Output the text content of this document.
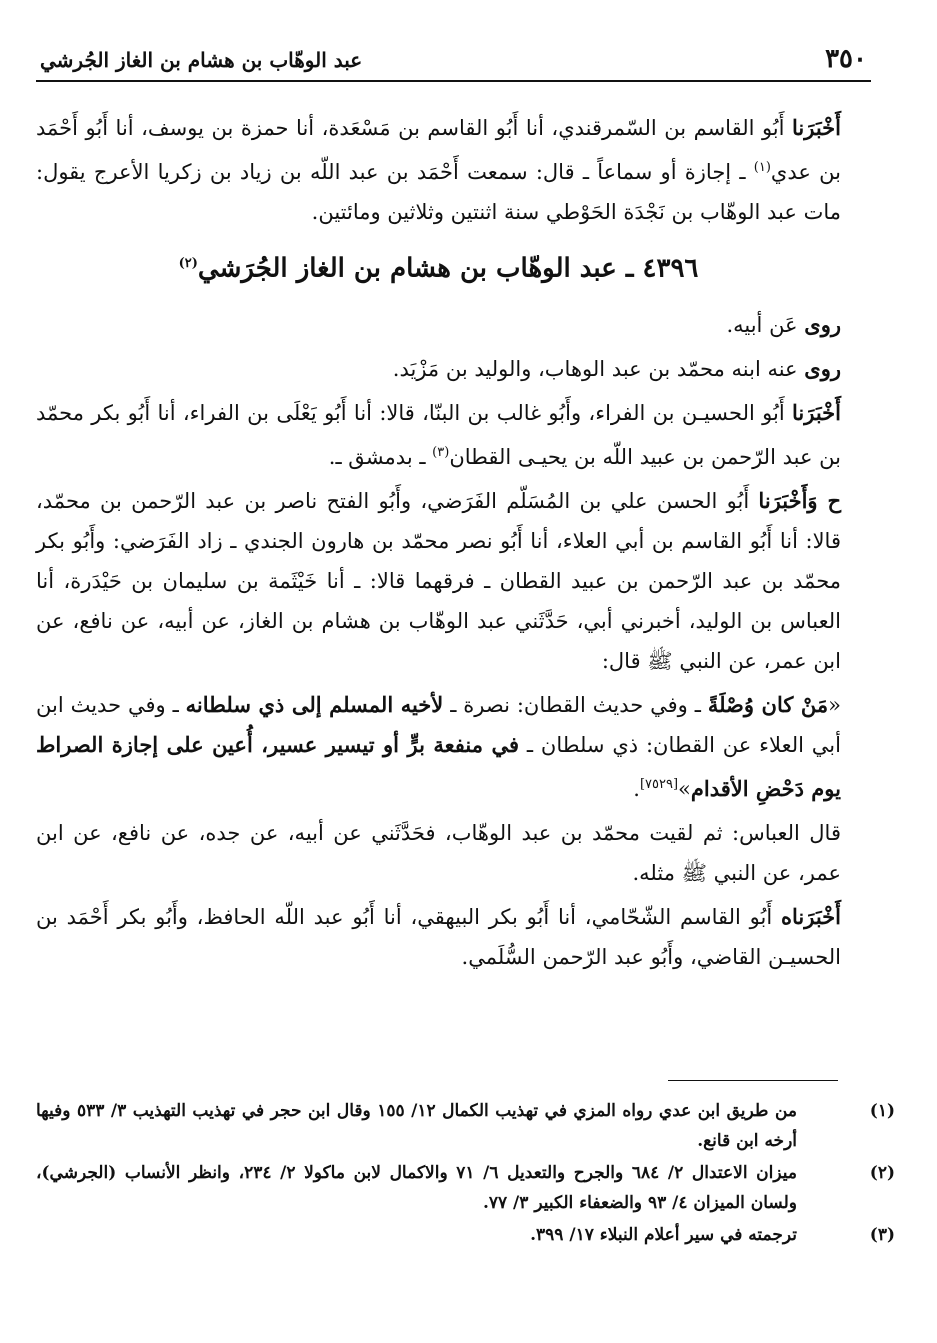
٣٥٠
عبد الوهّاب بن هشام بن الغاز الجُرشي

أَخْبَرَنا أَبُو القاسم بن السّمرقندي، أنا أَبُو القاسم بن مَسْعَدة، أنا حمزة بن يوسف، أنا أَبُو أَحْمَد بن عدي$^{(١)}$ ـ إجازة أو سماعاً ـ قال: سمعت أَحْمَد بن عبد اللّه بن زياد بن زكريا الأعرج يقول: مات عبد الوهّاب بن نَجْدَة الحَوْطي سنة اثنتين وثلاثين ومائتين.

٤٣٩٦ ـ عبد الوهّاب بن هشام بن الغاز الجُرَشي$^{(٢)}$

روى عَن أبيه.

روى عنه ابنه محمّد بن عبد الوهاب، والوليد بن مَزْيَد.

أَخْبَرَنا أَبُو الحسيـن بن الفراء، وأَبُو غالب بن البنّا، قالا: أنا أَبُو يَعْلَى بن الفراء، أنا أَبُو بكر محمّد بن عبد الرّحمن بن عبيد اللّه بن يحيـى القطان$^{(٣)}$ ـ بدمشق ـ.

ح وَأَخْبَرَنا أَبُو الحسن علي بن المُسَلّم الفَرَضي، وأَبُو الفتح ناصر بن عبد الرّحمن بن محمّد، قالا: أنا أَبُو القاسم بن أبي العلاء، أنا أَبُو نصر محمّد بن هارون الجندي ـ زاد الفَرَضي: وأَبُو بكر محمّد بن عبد الرّحمن بن عبيد القطان ـ فرقهما قالا: ـ أنا خَيْثَمة بن سليمان بن حَيْدَرة، أنا العباس بن الوليد، أخبرني أبي، حَدَّثَني عبد الوهّاب بن هشام بن الغاز، عن أبيه، عن نافع، عن ابن عمر، عن النبي ﷺ قال:

«مَنْ كان وُصْلَةً ـ وفي حديث القطان: نصرة ـ لأخيه المسلم إلى ذي سلطانه ـ وفي حديث ابن أبي العلاء عن القطان: ذي سلطان ـ في منفعة برٍّ أو تيسير عسير، أُعين على إجازة الصراط يوم دَحْضِ الأقدام»[٧٥٢٩].

قال العباس: ثم لقيت محمّد بن عبد الوهّاب، فحَدَّثَني عن أبيه، عن جده، عن نافع، عن ابن عمر، عن النبي ﷺ مثله.

أَخْبَرَناه أَبُو القاسم الشّحّامي، أنا أَبُو بكر البيهقي، أنا أَبُو عبد اللّه الحافظ، وأَبُو بكر أَحْمَد بن الحسيـن القاضي، وأَبُو عبد الرّحمن السُّلَمي.

(١)
من طريق ابن عدي رواه المزي في تهذيب الكمال ١٢/ ١٥٥ وقال ابن حجر في تهذيب التهذيب ٣/ ٥٣٣ وفيها أرخه ابن قانع.

(٢)
ميزان الاعتدال ٢/ ٦٨٤ والجرح والتعديل ٦/ ٧١ والاكمال لابن ماكولا ٢/ ٢٣٤، وانظر الأنساب (الجرشي)، ولسان الميزان ٤/ ٩٣ والضعفاء الكبير ٣/ ٧٧.

(٣)
ترجمته في سير أعلام النبلاء ١٧/ ٣٩٩.
